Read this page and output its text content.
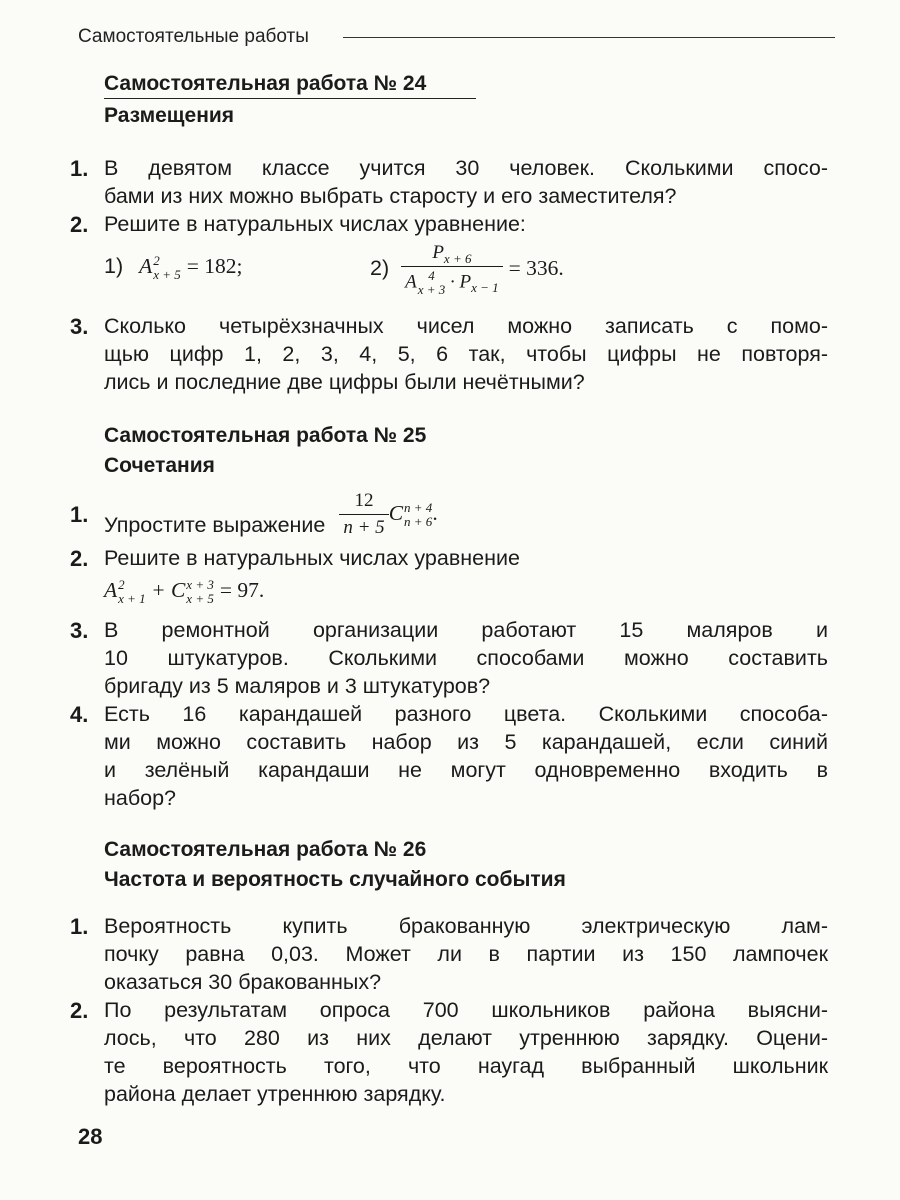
Самостоятельные работы
Самостоятельная работа № 24
Размещения
1. В девятом классе учится 30 человек. Сколькими спосо-
бами из них можно выбрать старосту и его заместителя?
2. Решите в натуральных числах уравнение:
1) A 2
x + 5 = 182;	2) $P_{x + 6}$
A 4
$x + 3 \cdot P_{x - 1} = 336$.
3. Сколько четырёхзначных чисел можно записать с помо-
щью цифр 1, 2, 3, 4, 5, 6 так, чтобы цифры не повторя-
лись и последние две цифры были нечётными?
Самостоятельная работа № 25
Сочетания
1. Упростите выражение $\frac{12}{n + 5}$ C n + 4
n + 6 .
2. Решите в натуральных числах уравнение
A 2
x + 1 + C x + 3
x + 5 = 97.
3. В ремонтной организации работают 15 маляров и
10 штукатуров. Сколькими способами можно составить
бригаду из 5 маляров и 3 штукатуров?
4. Есть 16 карандашей разного цвета. Сколькими способа-
ми можно составить набор из 5 карандашей, если синий
и зелёный карандаши не могут одновременно входить в
набор?
Самостоятельная работа № 26
Частота и вероятность случайного события
1. Вероятность купить бракованную электрическую лам-
почку равна 0,03. Может ли в партии из 150 лампочек
оказаться 30 бракованных?
2. По результатам опроса 700 школьников района выясни-
лось, что 280 из них делают утреннюю зарядку. Оцени-
те вероятность того, что наугад выбранный школьник
района делает утреннюю зарядку.
28
